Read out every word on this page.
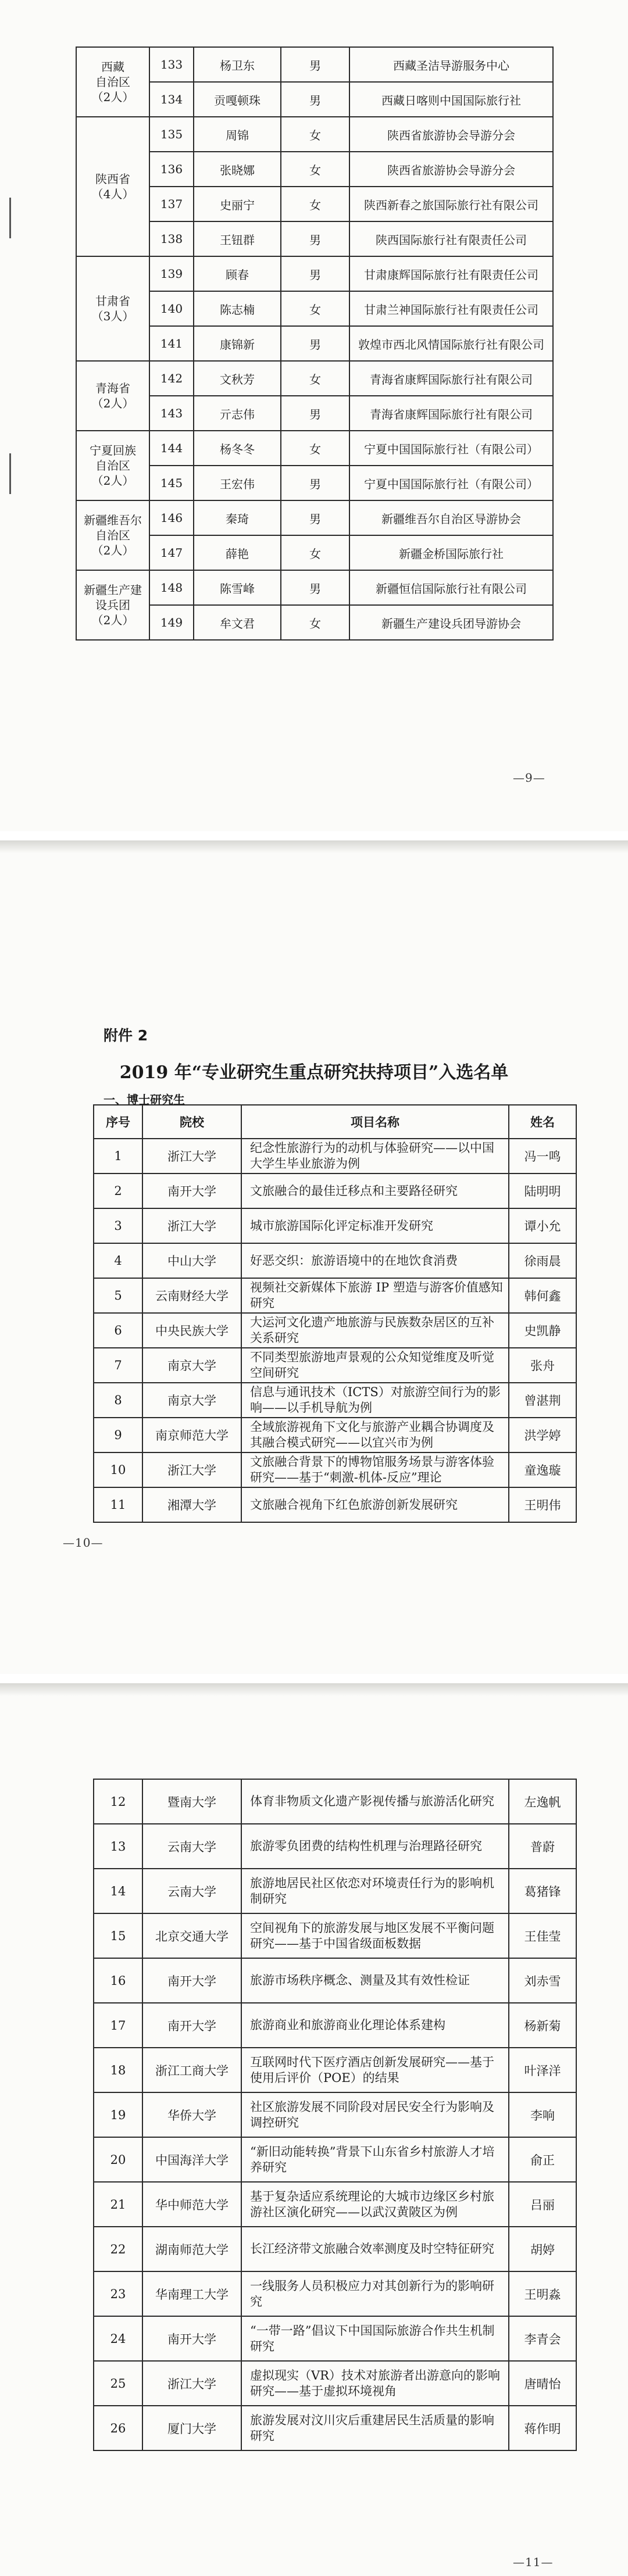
西藏
自治区
（2人）	133	杨卫东	男	西藏圣洁导游服务中心
	134	贡嘎顿珠	男	西藏日喀则中国国际旅行社
陕西省
（4人）	135	周锦	女	陕西省旅游协会导游分会
	136	张晓娜	女	陕西省旅游协会导游分会
	137	史丽宁	女	陕西新春之旅国际旅行社有限公司
	138	王钮群	男	陕西国际旅行社有限责任公司
甘肃省
（3人）	139	顾春	男	甘肃康辉国际旅行社有限责任公司
	140	陈志楠	女	甘肃兰神国际旅行社有限责任公司
	141	康锦新	男	敦煌市西北风情国际旅行社有限公司
青海省
（2人）	142	文秋芳	女	青海省康辉国际旅行社有限公司
	143	亓志伟	男	青海省康辉国际旅行社有限公司
宁夏回族
自治区
（2人）	144	杨冬冬	女	宁夏中国国际旅行社（有限公司）
	145	王宏伟	男	宁夏中国国际旅行社（有限公司）
新疆维吾尔
自治区
（2人）	146	秦琦	男	新疆维吾尔自治区导游协会
	147	薛艳	女	新疆金桥国际旅行社
新疆生产建
设兵团
（2人）	148	陈雪峰	男	新疆恒信国际旅行社有限公司
	149	牟文君	女	新疆生产建设兵团导游协会
—9—
附件 2
2019 年“专业研究生重点研究扶持项目”入选名单
一、博士研究生
序号	院校	项目名称	姓名
1	浙江大学	纪念性旅游行为的动机与体验研究——以中国大学生毕业旅游为例	冯一鸣
2	南开大学	文旅融合的最佳迁移点和主要路径研究	陆明明
3	浙江大学	城市旅游国际化评定标准开发研究	谭小允
4	中山大学	好恶交织：旅游语境中的在地饮食消费	徐雨晨
5	云南财经大学	视频社交新媒体下旅游 IP 塑造与游客价值感知研究	韩何鑫
6	中央民族大学	大运河文化遗产地旅游与民族数杂居区的互补关系研究	史凯静
7	南京大学	不同类型旅游地声景观的公众知觉维度及听觉空间研究	张舟
8	南京大学	信息与通讯技术（ICTS）对旅游空间行为的影响——以手机导航为例	曾湛荆
9	南京师范大学	全域旅游视角下文化与旅游产业耦合协调度及其融合模式研究——以宜兴市为例	洪学婷
10	浙江大学	文旅融合背景下的博物馆服务场景与游客体验研究——基于“刺激-机体-反应”理论	童逸璇
11	湘潭大学	文旅融合视角下红色旅游创新发展研究	王明伟
—10—
12	暨南大学	体育非物质文化遗产影视传播与旅游活化研究	左逸帆
13	云南大学	旅游零负团费的结构性机理与治理路径研究	普蔚
14	云南大学	旅游地居民社区依恋对环境责任行为的影响机制研究	葛猪锋
15	北京交通大学	空间视角下的旅游发展与地区发展不平衡问题研究——基于中国省级面板数据	王佳莹
16	南开大学	旅游市场秩序概念、测量及其有效性检证	刘赤雪
17	南开大学	旅游商业和旅游商业化理论体系建构	杨新菊
18	浙江工商大学	互联网时代下医疗酒店创新发展研究——基于使用后评价（POE）的结果	叶泽洋
19	华侨大学	社区旅游发展不同阶段对居民安全行为影响及调控研究	李响
20	中国海洋大学	“新旧动能转换”背景下山东省乡村旅游人才培养研究	俞正
21	华中师范大学	基于复杂适应系统理论的大城市边缘区乡村旅游社区演化研究——以武汉黄陂区为例	吕丽
22	湖南师范大学	长江经济带文旅融合效率测度及时空特征研究	胡婷
23	华南理工大学	一线服务人员积极应力对其创新行为的影响研究	王明淼
24	南开大学	“一带一路”倡议下中国国际旅游合作共生机制研究	李青会
25	浙江大学	虚拟现实（VR）技术对旅游者出游意向的影响研究——基于虚拟环境视角	唐晴怡
26	厦门大学	旅游发展对汶川灾后重建居民生活质量的影响研究	蒋作明
—11—
